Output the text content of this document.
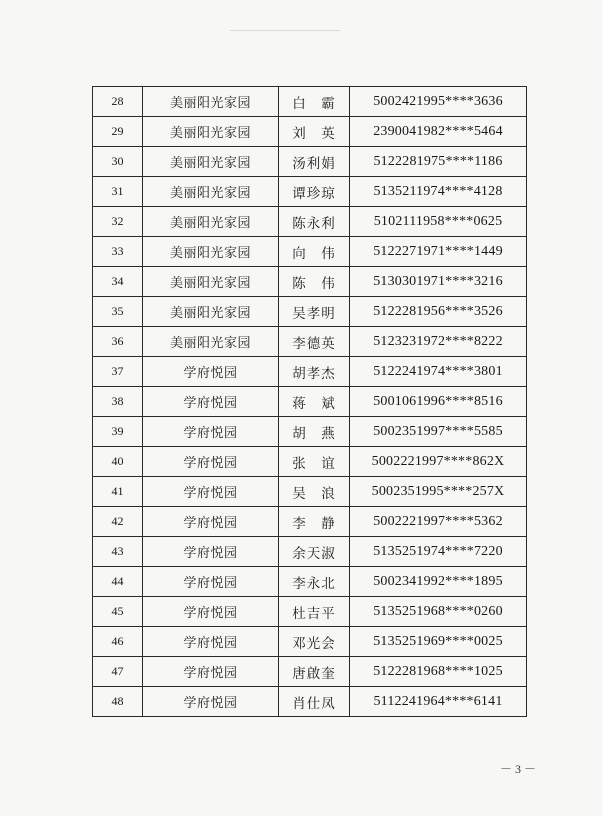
28	美丽阳光家园	白　霸	5002421995****3636
29	美丽阳光家园	刘　英	2390041982****5464
30	美丽阳光家园	汤利娟	5122281975****1186
31	美丽阳光家园	谭珍琼	5135211974****4128
32	美丽阳光家园	陈永利	5102111958****0625
33	美丽阳光家园	向　伟	5122271971****1449
34	美丽阳光家园	陈　伟	5130301971****3216
35	美丽阳光家园	吴孝明	5122281956****3526
36	美丽阳光家园	李德英	5123231972****8222
37	学府悦园	胡孝杰	5122241974****3801
38	学府悦园	蒋　斌	5001061996****8516
39	学府悦园	胡　燕	5002351997****5585
40	学府悦园	张　谊	5002221997****862X
41	学府悦园	吴　浪	5002351995****257X
42	学府悦园	李　静	5002221997****5362
43	学府悦园	余天淑	5135251974****7220
44	学府悦园	李永北	5002341992****1895
45	学府悦园	杜吉平	5135251968****0260
46	学府悦园	邓光会	5135251969****0025
47	学府悦园	唐啟奎	5122281968****1025
48	学府悦园	肖仕凤	5112241964****6141
－ 3 －
